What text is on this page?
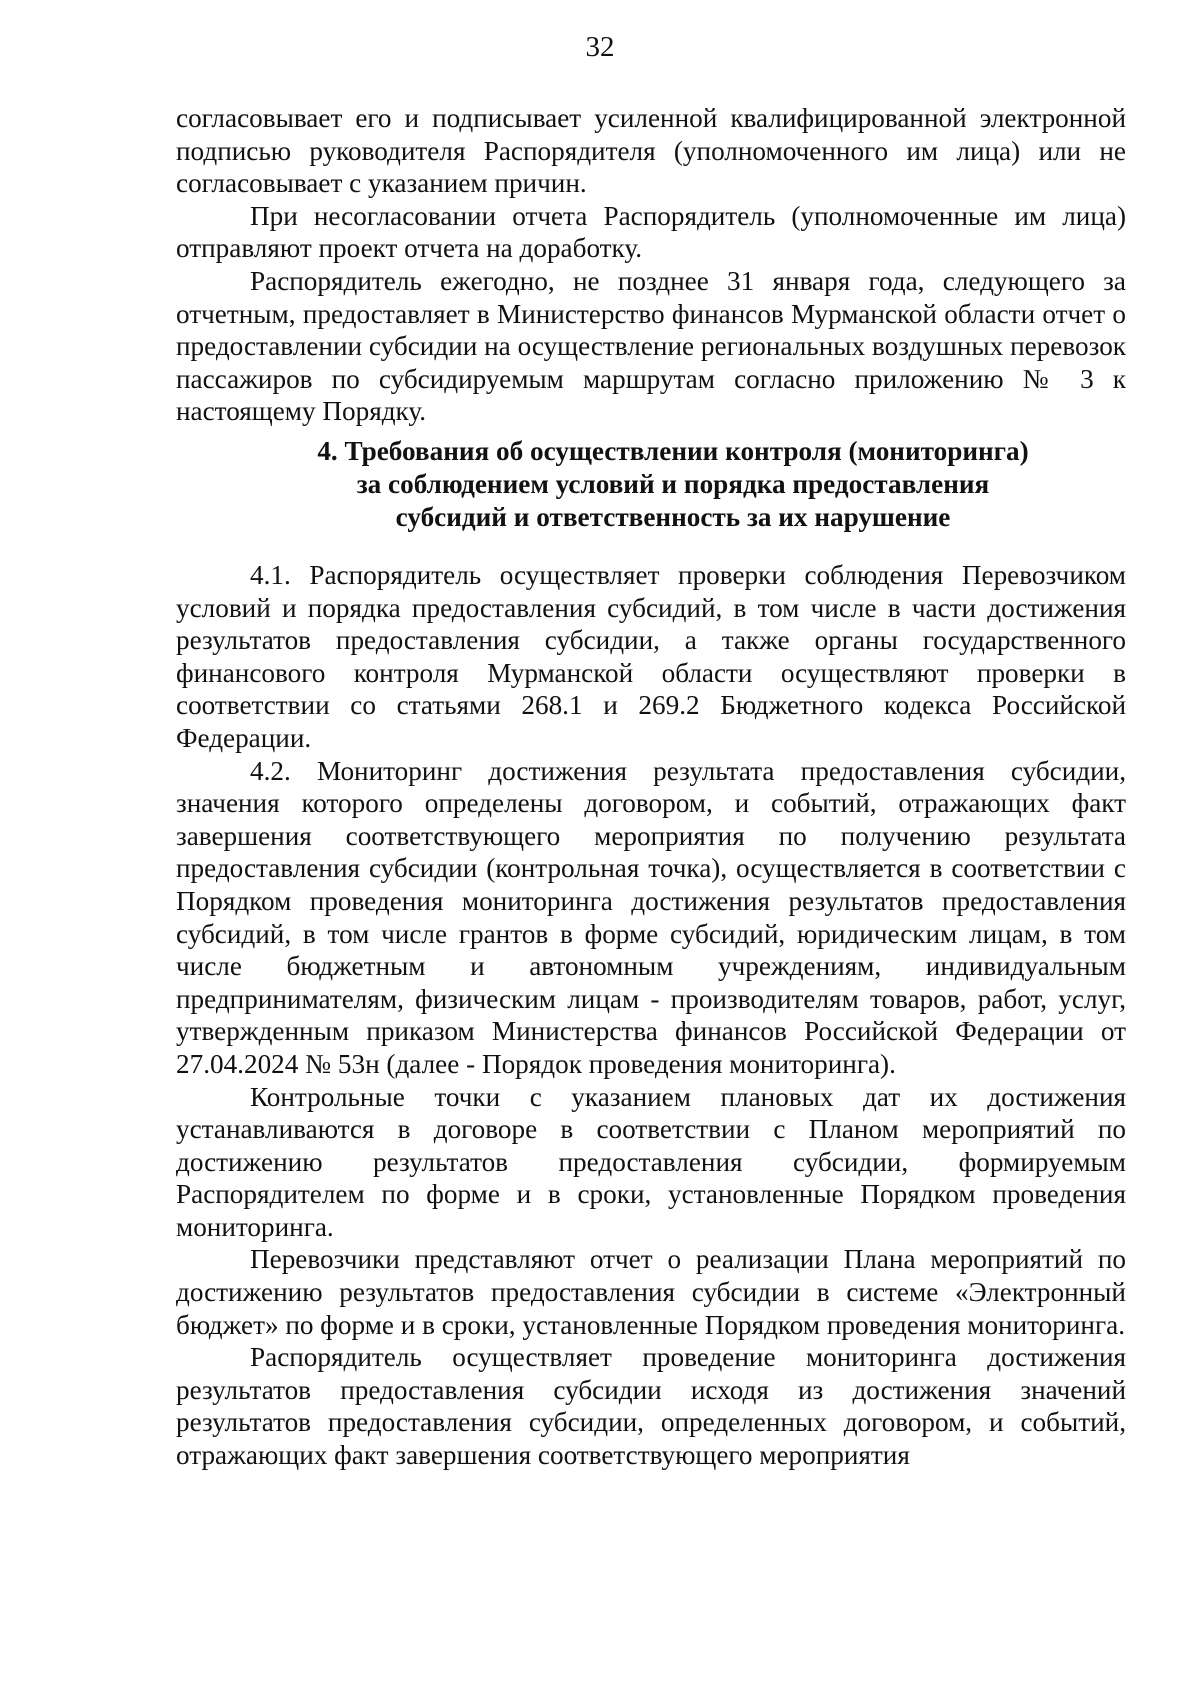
32

согласовывает его и подписывает усиленной квалифицированной электронной подписью руководителя Распорядителя (уполномоченного им лица) или не согласовывает с указанием причин.

При несогласовании отчета Распорядитель (уполномоченные им лица) отправляют проект отчета на доработку.

Распорядитель ежегодно, не позднее 31 января года, следующего за отчетным, предоставляет в Министерство финансов Мурманской области отчет о предоставлении субсидии на осуществление региональных воздушных перевозок пассажиров по субсидируемым маршрутам согласно приложению № 3 к настоящему Порядку.

4. Требования об осуществлении контроля (мониторинга)
за соблюдением условий и порядка предоставления
субсидий и ответственность за их нарушение

4.1. Распорядитель осуществляет проверки соблюдения Перевозчиком условий и порядка предоставления субсидий, в том числе в части достижения результатов предоставления субсидии, а также органы государственного финансового контроля Мурманской области осуществляют проверки в соответствии со статьями 268.1 и 269.2 Бюджетного кодекса Российской Федерации.

4.2. Мониторинг достижения результата предоставления субсидии, значения которого определены договором, и событий, отражающих факт завершения соответствующего мероприятия по получению результата предоставления субсидии (контрольная точка), осуществляется в соответствии с Порядком проведения мониторинга достижения результатов предоставления субсидий, в том числе грантов в форме субсидий, юридическим лицам, в том числе бюджетным и автономным учреждениям, индивидуальным предпринимателям, физическим лицам - производителям товаров, работ, услуг, утвержденным приказом Министерства финансов Российской Федерации от 27.04.2024 № 53н (далее - Порядок проведения мониторинга).

Контрольные точки с указанием плановых дат их достижения устанавливаются в договоре в соответствии с Планом мероприятий по достижению результатов предоставления субсидии, формируемым Распорядителем по форме и в сроки, установленные Порядком проведения мониторинга.

Перевозчики представляют отчет о реализации Плана мероприятий по достижению результатов предоставления субсидии в системе «Электронный бюджет» по форме и в сроки, установленные Порядком проведения мониторинга.

Распорядитель осуществляет проведение мониторинга достижения результатов предоставления субсидии исходя из достижения значений результатов предоставления субсидии, определенных договором, и событий, отражающих факт завершения соответствующего мероприятия
